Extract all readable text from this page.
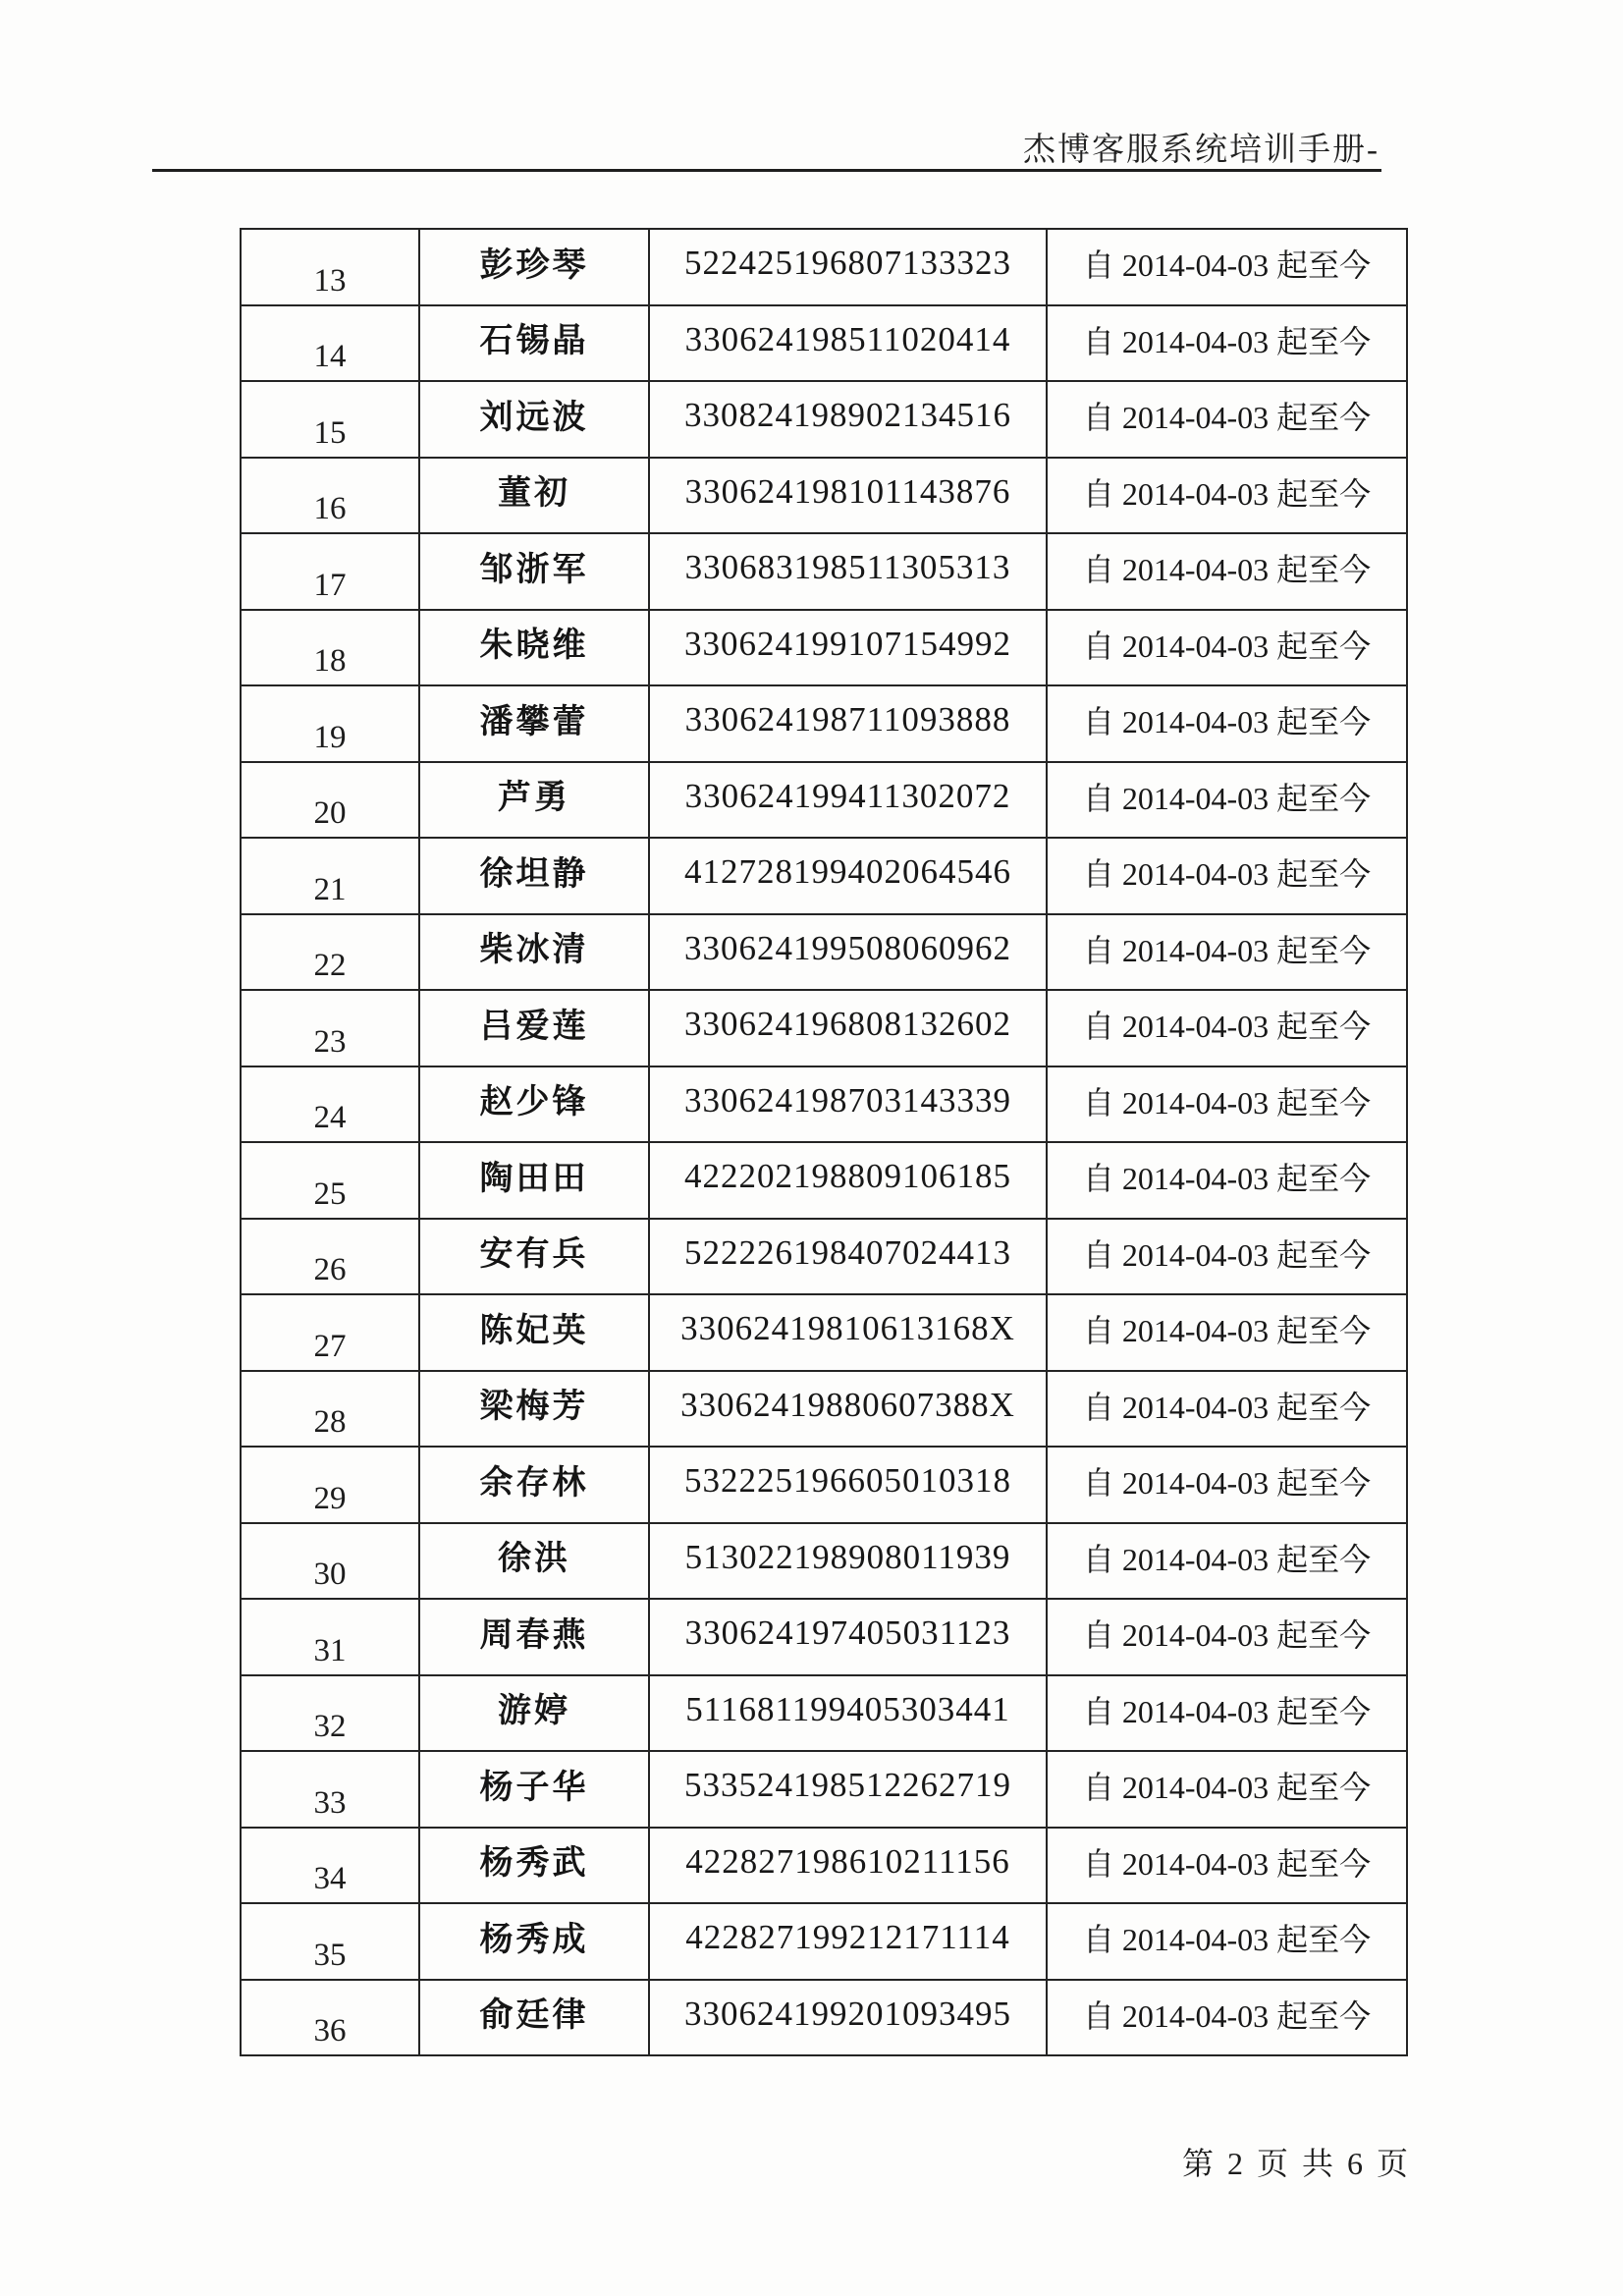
杰博客服系统培训手册-
13	彭珍琴	522425196807133323	自 2014-04-03 起至今
14	石锡晶	330624198511020414	自 2014-04-03 起至今
15	刘远波	330824198902134516	自 2014-04-03 起至今
16	董初	330624198101143876	自 2014-04-03 起至今
17	邹浙军	330683198511305313	自 2014-04-03 起至今
18	朱晓维	330624199107154992	自 2014-04-03 起至今
19	潘攀蕾	330624198711093888	自 2014-04-03 起至今
20	芦勇	330624199411302072	自 2014-04-03 起至今
21	徐坦静	412728199402064546	自 2014-04-03 起至今
22	柴冰清	330624199508060962	自 2014-04-03 起至今
23	吕爱莲	330624196808132602	自 2014-04-03 起至今
24	赵少锋	330624198703143339	自 2014-04-03 起至今
25	陶田田	422202198809106185	自 2014-04-03 起至今
26	安有兵	522226198407024413	自 2014-04-03 起至今
27	陈妃英	33062419810613168X	自 2014-04-03 起至今
28	梁梅芳	33062419880607388X	自 2014-04-03 起至今
29	余存林	532225196605010318	自 2014-04-03 起至今
30	徐洪	513022198908011939	自 2014-04-03 起至今
31	周春燕	330624197405031123	自 2014-04-03 起至今
32	游婷	511681199405303441	自 2014-04-03 起至今
33	杨子华	533524198512262719	自 2014-04-03 起至今
34	杨秀武	422827198610211156	自 2014-04-03 起至今
35	杨秀成	422827199212171114	自 2014-04-03 起至今
36	俞廷律	330624199201093495	自 2014-04-03 起至今
第 2 页 共 6 页
